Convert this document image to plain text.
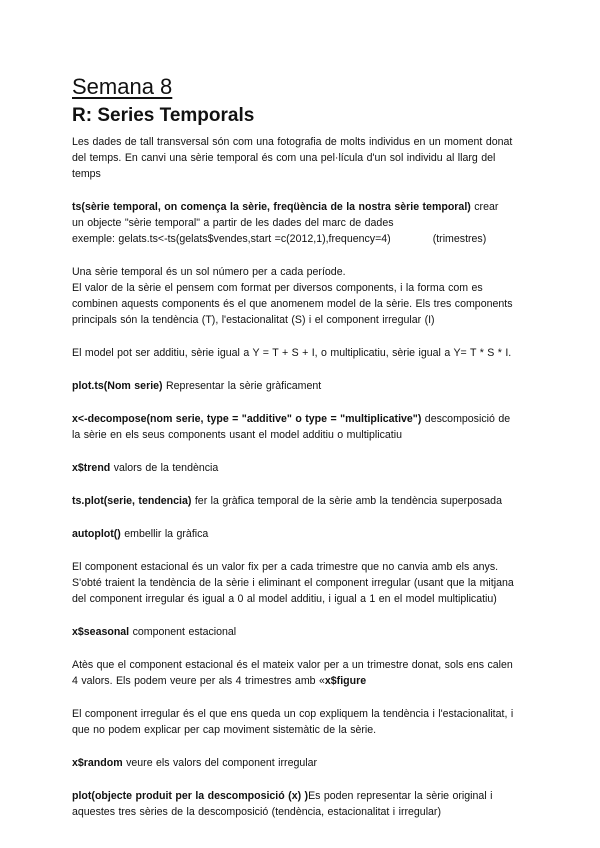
Semana 8
R: Series Temporals

Les dades de tall transversal són com una fotografia de molts individus en un moment donat
del temps. En canvi una sèrie temporal és com una pel·lícula d'un sol individu al llarg del
temps

ts(sèrie temporal, on comença la sèrie, freqüència de la nostra sèrie temporal) crear
un objecte "sèrie temporal" a partir de les dades del marc de dades
exemple: gelats.ts<-ts(gelats$vendes,start =c(2012,1),frequency=4)	(trimestres)

Una sèrie temporal és un sol número per a cada període.
El valor de la sèrie el pensem com format per diversos components, i la forma com es
combinen aquests components és el que anomenem model de la sèrie. Els tres components
principals són la tendència (T), l'estacionalitat (S) i el component irregular (I)

El model pot ser additiu, sèrie igual a Y = T + S + I, o multiplicatiu, sèrie igual a Y= T * S * I.

plot.ts(Nom serie) Representar la sèrie gràficament

x<-decompose(nom serie, type = "additive" o type = "multiplicative") descomposició de
la sèrie en els seus components usant el model additiu o multiplicatiu

x$trend valors de la tendència

ts.plot(serie, tendencia) fer la gràfica temporal de la sèrie amb la tendència superposada

autoplot() embellir la gràfica

El component estacional és un valor fix per a cada trimestre que no canvia amb els anys.
S'obté traient la tendència de la sèrie i eliminant el component irregular (usant que la mitjana
del component irregular és igual a 0 al model additiu, i igual a 1 en el model multiplicatiu)

x$seasonal component estacional

Atès que el component estacional és el mateix valor per a un trimestre donat, sols ens calen
4 valors. Els podem veure per als 4 trimestres amb «x$figure

El component irregular és el que ens queda un cop expliquem la tendència i l'estacionalitat, i
que no podem explicar per cap moviment sistemàtic de la sèrie.

x$random veure els valors del component irregular

plot(objecte produit per la descomposició (x) )Es poden representar la sèrie original i
aquestes tres sèries de la descomposició (tendència, estacionalitat i irregular)
